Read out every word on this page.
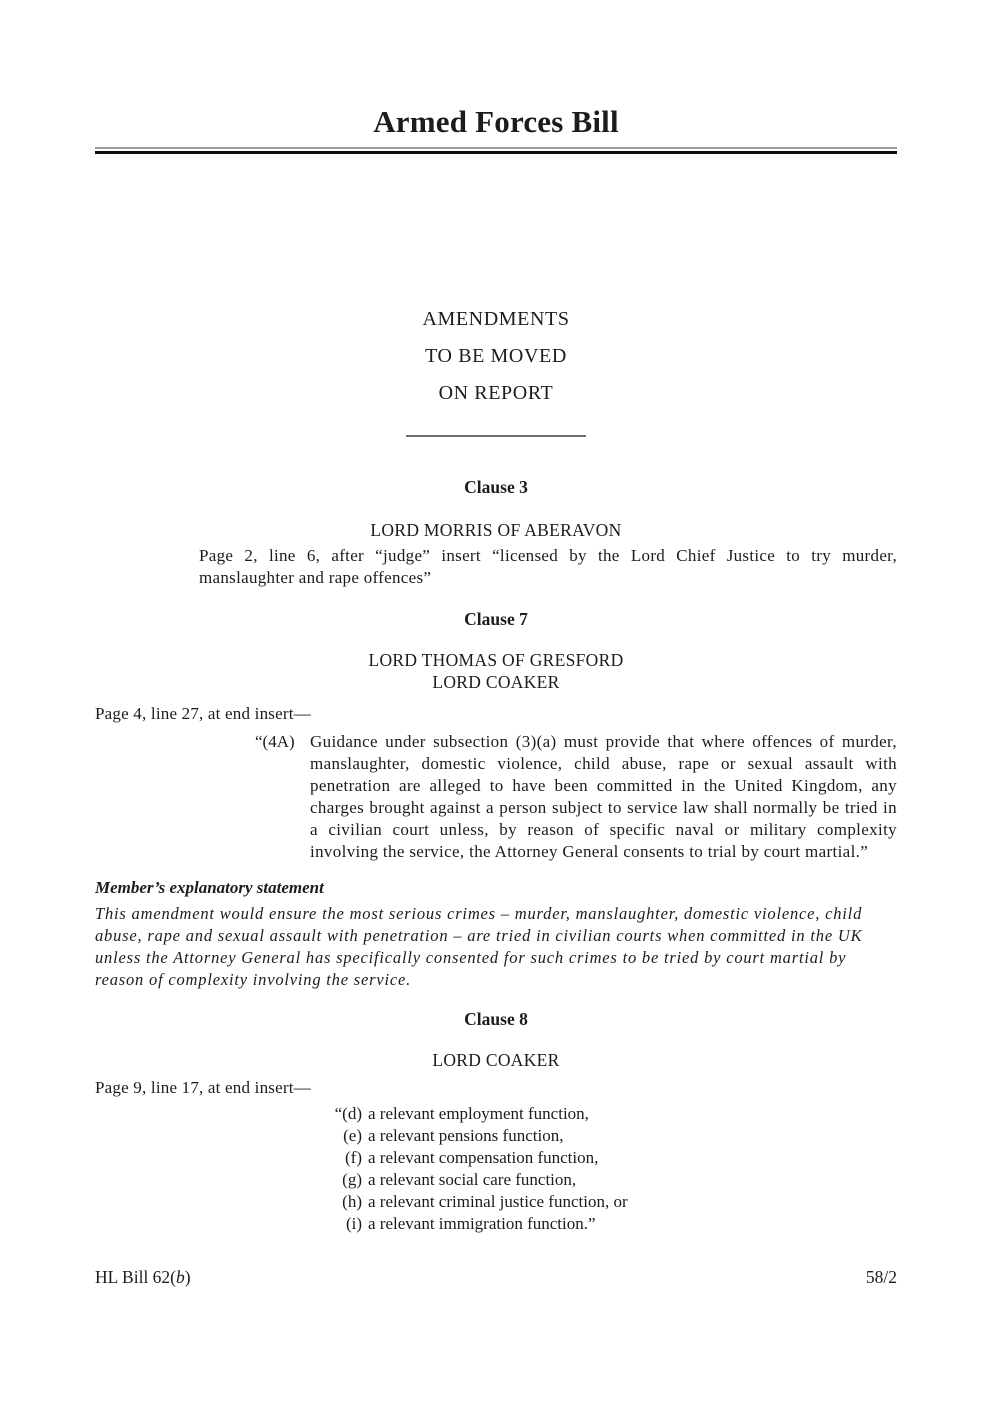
Armed Forces Bill
AMENDMENTS
TO BE MOVED
ON REPORT
Clause 3
LORD MORRIS OF ABERAVON

Page 2, line 6, after “judge” insert “licensed by the Lord Chief Justice to try murder, manslaughter and rape offences”

Clause 7
LORD THOMAS OF GRESFORD
LORD COAKER

Page 4, line 27, at end insert—

“(4A) Guidance under subsection (3)(a) must provide that where offences of murder, manslaughter, domestic violence, child abuse, rape or sexual assault with penetration are alleged to have been committed in the United Kingdom, any charges brought against a person subject to service law shall normally be tried in a civilian court unless, by reason of specific naval or military complexity involving the service, the Attorney General consents to trial by court martial.”
Member’s explanatory statement
This amendment would ensure the most serious crimes – murder, manslaughter, domestic violence, child abuse, rape and sexual assault with penetration – are tried in civilian courts when committed in the UK unless the Attorney General has specifically consented for such crimes to be tried by court martial by reason of complexity involving the service.
Clause 8
LORD COAKER

Page 9, line 17, at end insert—

“(d) a relevant employment function,
(e) a relevant pensions function,
(f) a relevant compensation function,
(g) a relevant social care function,
(h) a relevant criminal justice function, or
(i) a relevant immigration function.”
HL Bill 62(b)	58/2
